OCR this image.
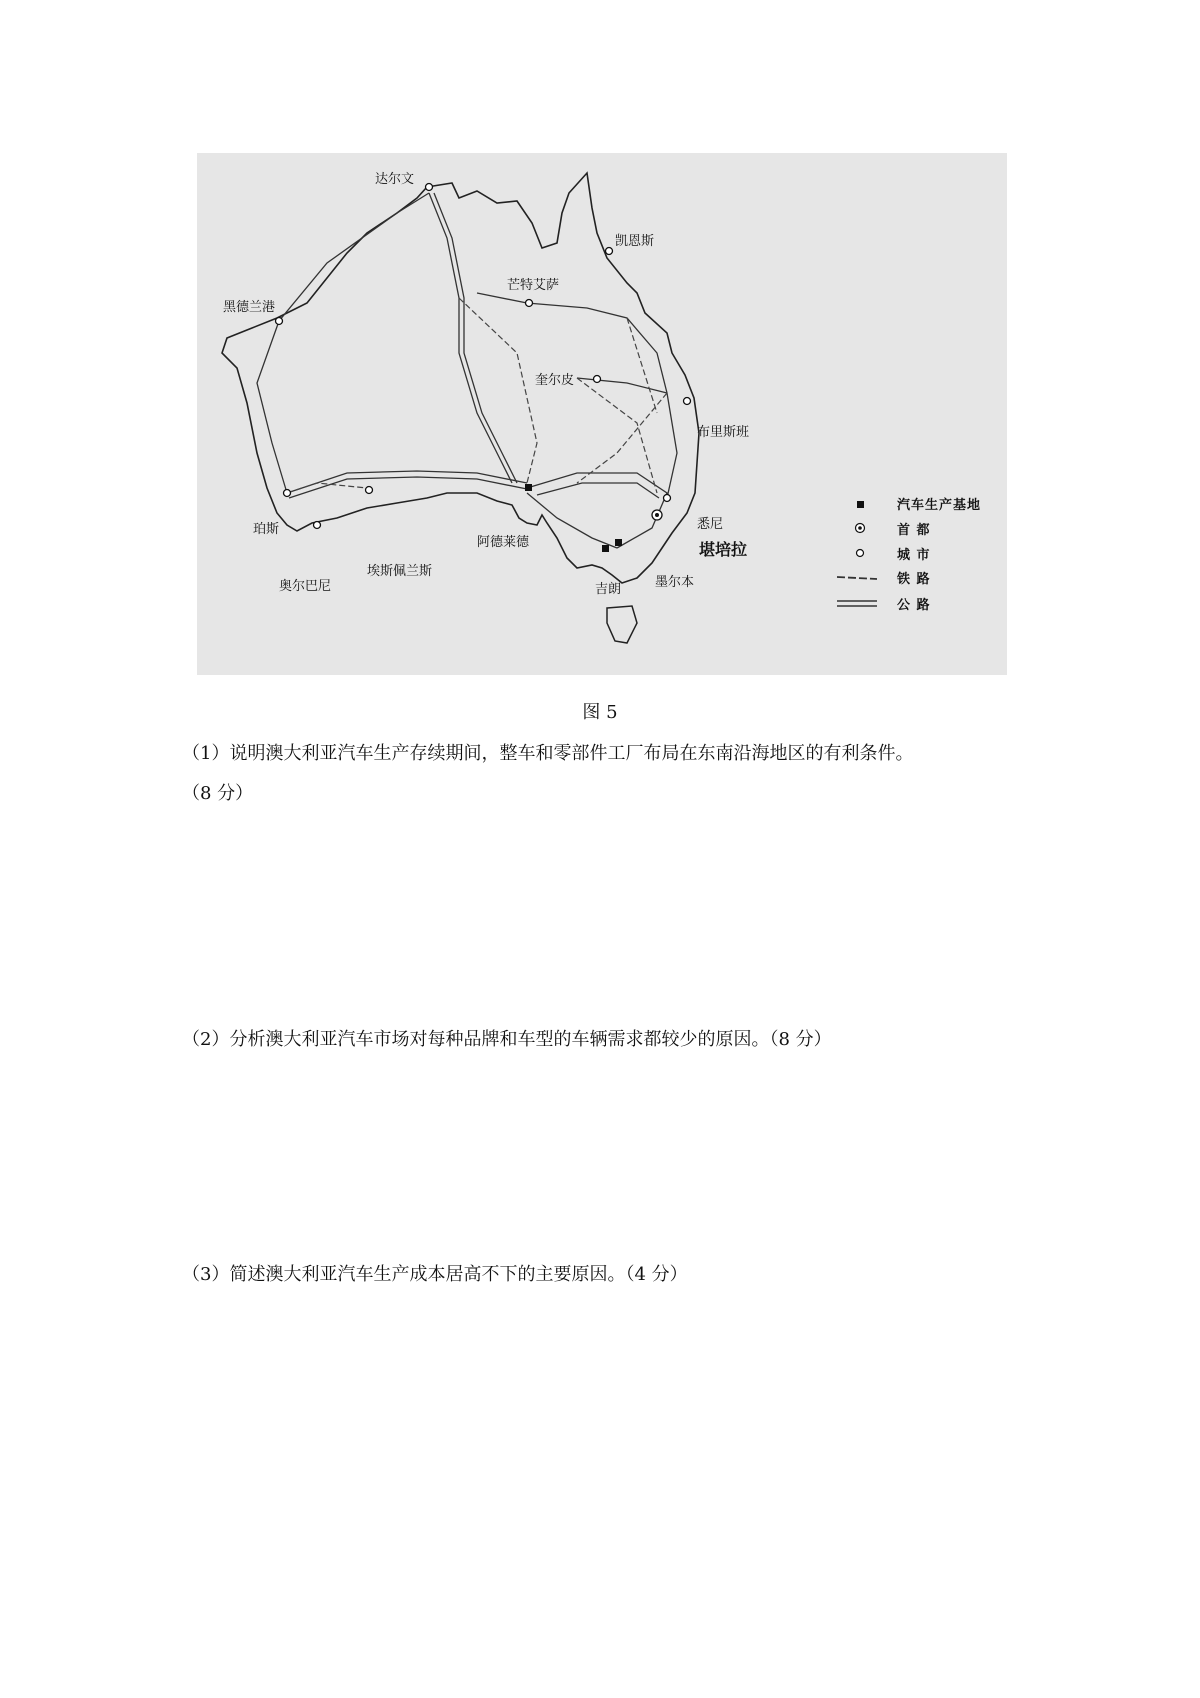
达尔文
凯恩斯
黑德兰港
芒特艾萨
奎尔皮
布里斯班
珀斯
埃斯佩兰斯
奥尔巴尼
阿德莱德
悉尼
堪培拉
墨尔本
吉朗
汽车生产基地
首 都
城 市
铁 路
公 路
图 5
（1）说明澳大利亚汽车生产存续期间，整车和零部件工厂布局在东南沿海地区的有利条件。
（8 分）
（2）分析澳大利亚汽车市场对每种品牌和车型的车辆需求都较少的原因。（8 分）
（3）简述澳大利亚汽车生产成本居高不下的主要原因。（4 分）
